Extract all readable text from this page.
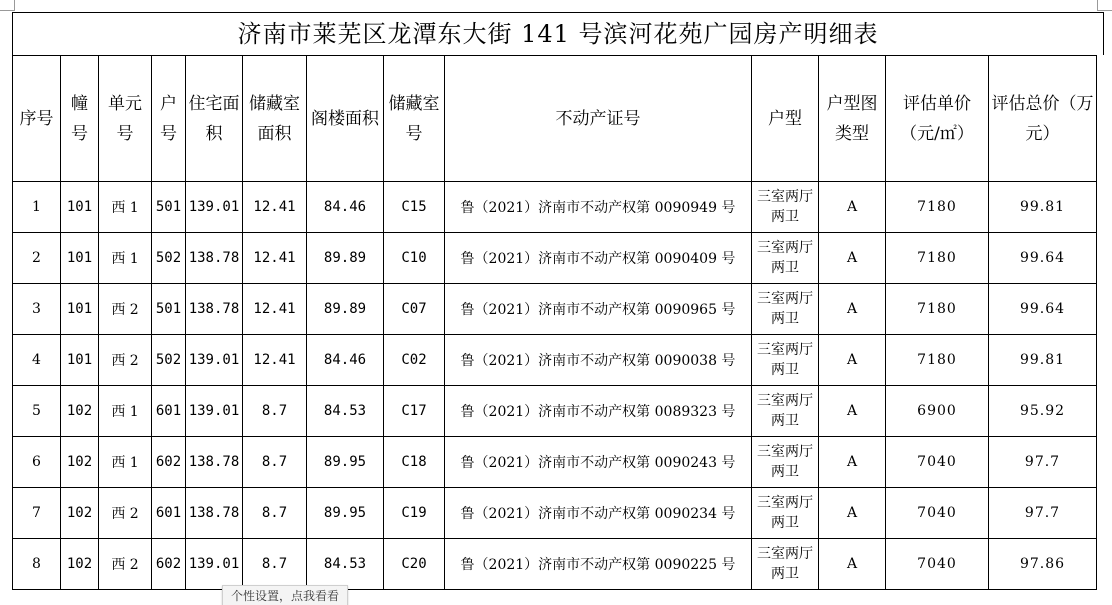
济南市莱芜区龙潭东大街 141 号滨河花苑广园房产明细表
序号	幢号	单元号	户号	住宅面积	储藏室面积	阁楼面积	储藏室号	不动产证号	户型	户型图类型	评估单价（元/㎡）	评估总价（万元）
1	101	西 1	501	139.01	12.41	84.46	C15	鲁（2021）济南市不动产权第 0090949 号	三室两厅两卫	A	7180	99.81
2	101	西 1	502	138.78	12.41	89.89	C10	鲁（2021）济南市不动产权第 0090409 号	三室两厅两卫	A	7180	99.64
3	101	西 2	501	138.78	12.41	89.89	C07	鲁（2021）济南市不动产权第 0090965 号	三室两厅两卫	A	7180	99.64
4	101	西 2	502	139.01	12.41	84.46	C02	鲁（2021）济南市不动产权第 0090038 号	三室两厅两卫	A	7180	99.81
5	102	西 1	601	139.01	8.7	84.53	C17	鲁（2021）济南市不动产权第 0089323 号	三室两厅两卫	A	6900	95.92
6	102	西 1	602	138.78	8.7	89.95	C18	鲁（2021）济南市不动产权第 0090243 号	三室两厅两卫	A	7040	97.7
7	102	西 2	601	138.78	8.7	89.95	C19	鲁（2021）济南市不动产权第 0090234 号	三室两厅两卫	A	7040	97.7
8	102	西 2	602	139.01	8.7	84.53	C20	鲁（2021）济南市不动产权第 0090225 号	三室两厅两卫	A	7040	97.86
个性设置，点我看看
